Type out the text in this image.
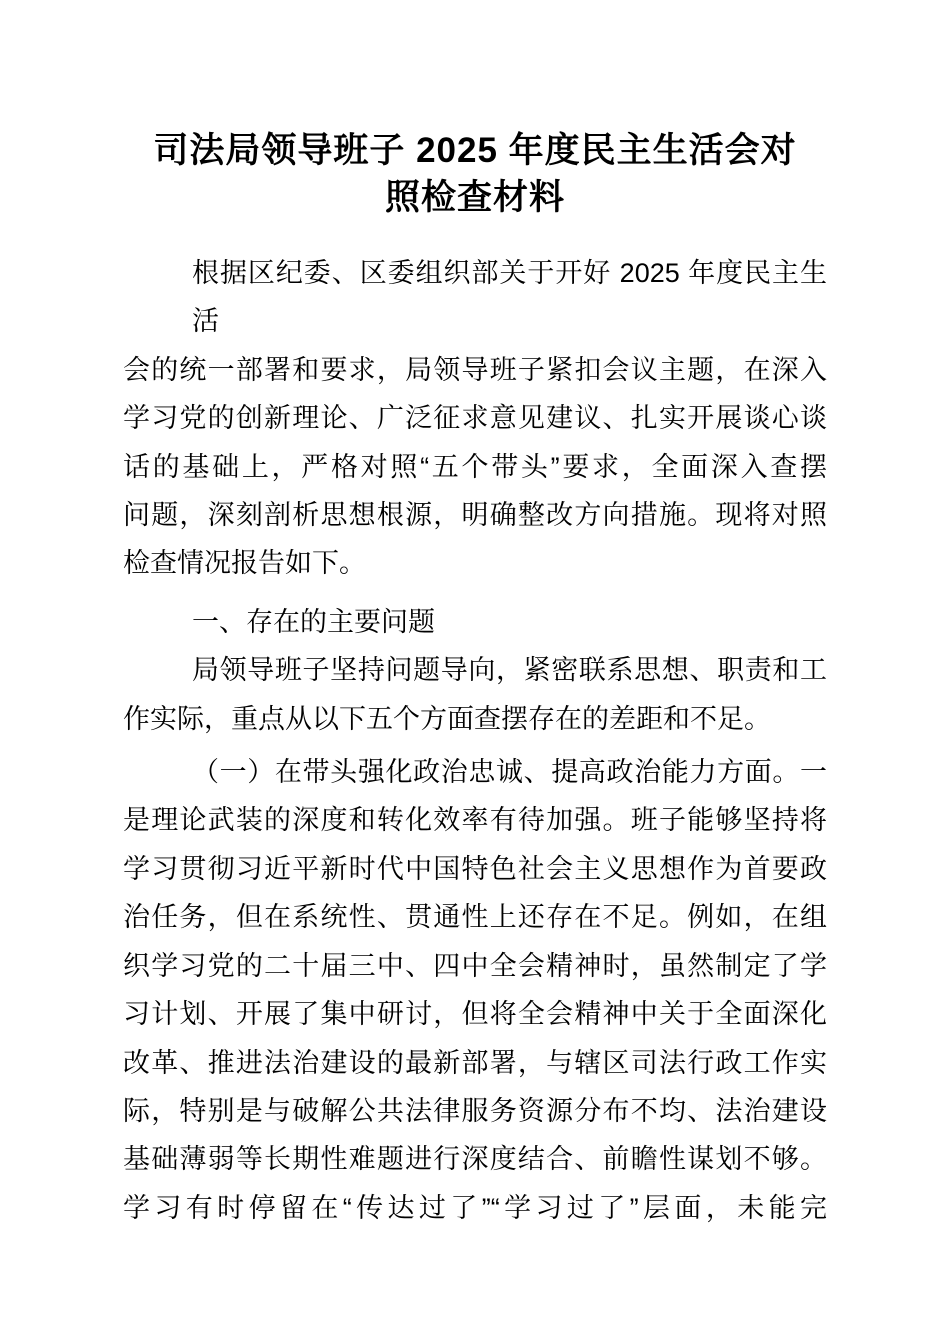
司法局领导班子 2025 年度民主生活会对
照检查材料
根据区纪委、区委组织部关于开好 2025 年度民主生活
会的统一部署和要求，局领导班子紧扣会议主题，在深入
学习党的创新理论、广泛征求意见建议、扎实开展谈心谈
话的基础上，严格对照“五个带头”要求，全面深入查摆
问题，深刻剖析思想根源，明确整改方向措施。现将对照
检查情况报告如下。
一、存在的主要问题
局领导班子坚持问题导向，紧密联系思想、职责和工
作实际，重点从以下五个方面查摆存在的差距和不足。
（一）在带头强化政治忠诚、提高政治能力方面。一
是理论武装的深度和转化效率有待加强。班子能够坚持将
学习贯彻习近平新时代中国特色社会主义思想作为首要政
治任务，但在系统性、贯通性上还存在不足。例如，在组
织学习党的二十届三中、四中全会精神时，虽然制定了学
习计划、开展了集中研讨，但将全会精神中关于全面深化
改革、推进法治建设的最新部署，与辖区司法行政工作实
际，特别是与破解公共法律服务资源分布不均、法治建设
基础薄弱等长期性难题进行深度结合、前瞻性谋划不够。
学习有时停留在“传达过了”“学习过了”层面，未能完
